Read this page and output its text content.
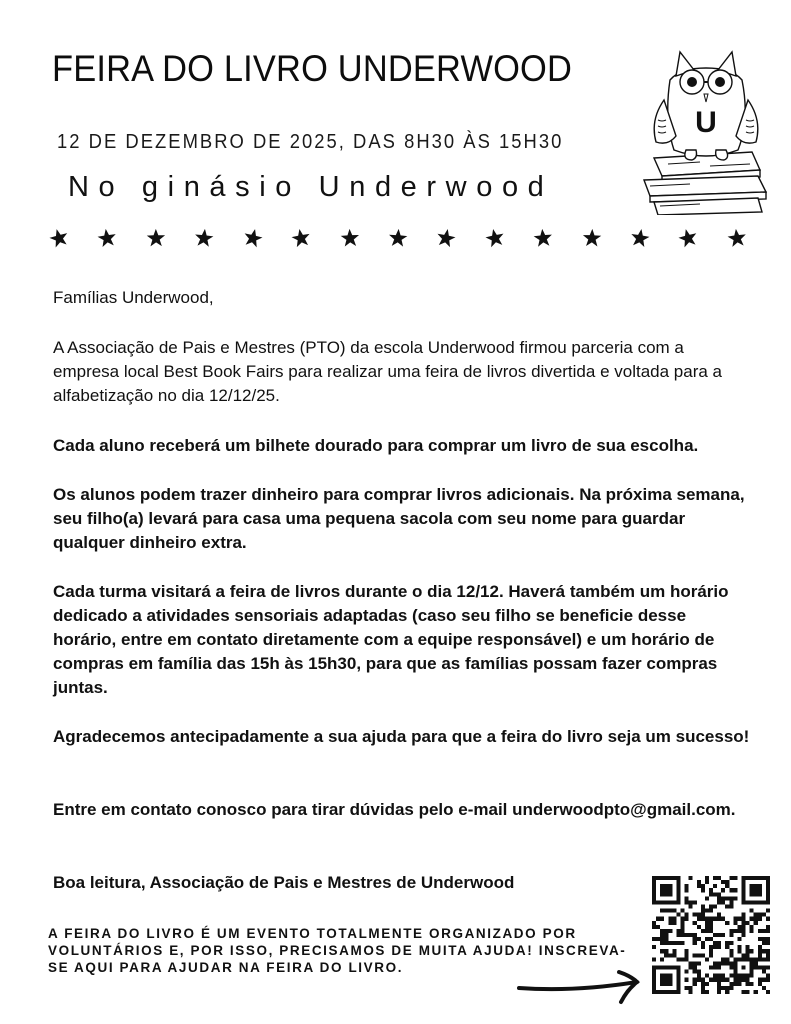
FEIRA DO LIVRO UNDERWOOD
12 DE DEZEMBRO DE 2025, DAS 8H30 ÀS 15H30
No ginásio Underwood
U
Famílias Underwood,
A Associação de Pais e Mestres (PTO) da escola Underwood firmou parceria com a empresa local Best Book Fairs para realizar uma feira de livros divertida e voltada para a alfabetização no dia 12/12/25.
Cada aluno receberá um bilhete dourado para comprar um livro de sua escolha.
Os alunos podem trazer dinheiro para comprar livros adicionais. Na próxima semana, seu filho(a) levará para casa uma pequena sacola com seu nome para guardar qualquer dinheiro extra.
Cada turma visitará a feira de livros durante o dia 12/12. Haverá também um horário dedicado a atividades sensoriais adaptadas (caso seu filho se beneficie desse horário, entre em contato diretamente com a equipe responsável) e um horário de compras em família das 15h às 15h30, para que as famílias possam fazer compras juntas.
Agradecemos antecipadamente a sua ajuda para que a feira do livro seja um sucesso!
Entre em contato conosco para tirar dúvidas pelo e-mail underwoodpto@gmail.com.
Boa leitura, Associação de Pais e Mestres de Underwood
A FEIRA DO LIVRO É UM EVENTO TOTALMENTE ORGANIZADO POR VOLUNTÁRIOS E, POR ISSO, PRECISAMOS DE MUITA AJUDA! INSCREVA-SE AQUI PARA AJUDAR NA FEIRA DO LIVRO.
